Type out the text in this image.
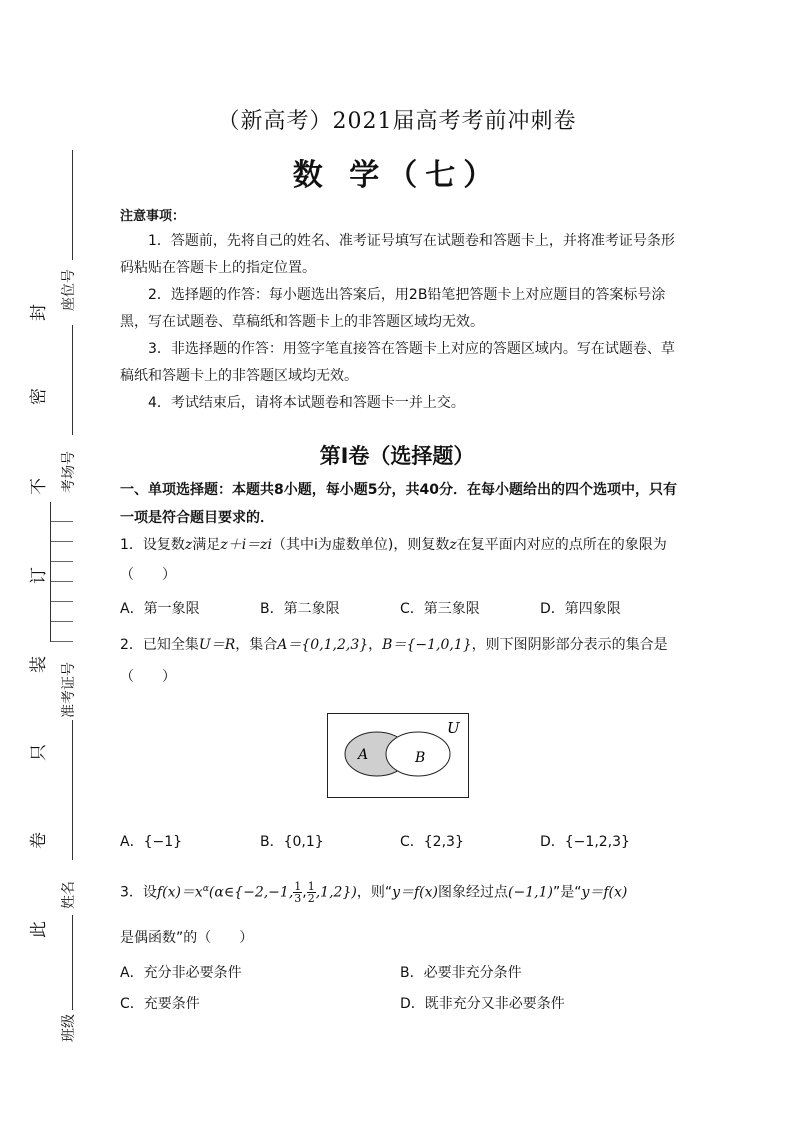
封
密
不
订
装
只
卷
此
座位号
考场号
准考证号
姓名
班级
（新高考）2021届高考考前冲刺卷
数 学（七）
注意事项：
1．答题前，先将自己的姓名、准考证号填写在试题卷和答题卡上，并将准考证号条形码粘贴在答题卡上的指定位置。
2．选择题的作答：每小题选出答案后，用2B铅笔把答题卡上对应题目的答案标号涂黑，写在试题卷、草稿纸和答题卡上的非答题区域均无效。
3．非选择题的作答：用签字笔直接答在答题卡上对应的答题区域内。写在试题卷、草稿纸和答题卡上的非答题区域均无效。
4．考试结束后，请将本试题卷和答题卡一并上交。
第Ⅰ卷（选择题）
一、单项选择题：本题共8小题，每小题5分，共40分．在每小题给出的四个选项中，只有一项是符合题目要求的．
1．设复数z满足z＋i＝zi（其中i为虚数单位)，则复数z在复平面内对应的点所在的象限为（　　）
A．第一象限	B．第二象限	C．第三象限	D．第四象限
2．已知全集U＝R，集合A＝{0,1,2,3}，B＝{−1,0,1}，则下图阴影部分表示的集合是
（　　）
U
A	B
A．{−1}	B．{0,1}	C．{2,3}	D．{−1,2,3}
3．设$f(x)=x^\alpha(\alpha\in\{-2,-1$, $\frac{1}{3}$ , $\frac{1}{2} ,1,2$})，则“y＝f(x)图象经过点(−1,1)”是“y＝f(x)
是偶函数”的（　　）
A．充分非必要条件	B．必要非充分条件
C．充要条件	D．既非充分又非必要条件
